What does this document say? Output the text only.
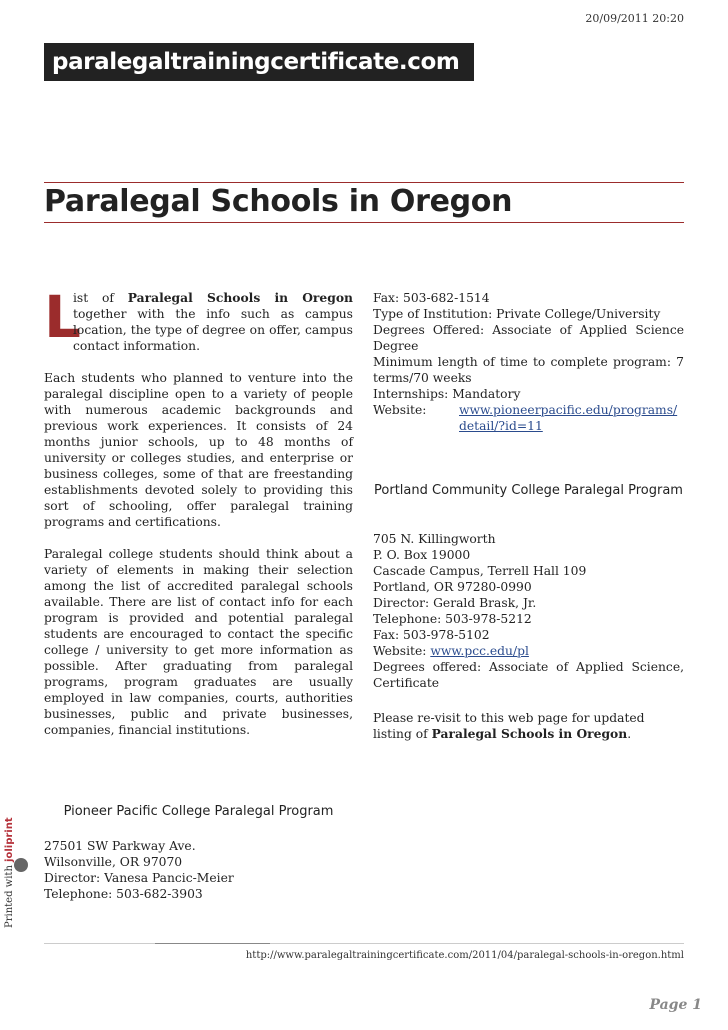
20/09/2011 20:20
paralegaltrainingcertificate.com
Paralegal Schools in Oregon
L
ist of Paralegal Schools in Oregon together with the info such as campus location, the type of degree on offer, campus contact information.

Each students who planned to venture into the paralegal discipline open to a variety of people with numerous academic backgrounds and previous work experiences. It consists of 24 months junior schools, up to 48 months of university or colleges studies, and enterprise or business colleges, some of that are freestanding establishments devoted solely to providing this sort of schooling, offer paralegal training programs and certifications.

Paralegal college students should think about a variety of elements in making their selection among the list of accredited paralegal schools available. There are list of contact info for each program is provided and potential paralegal students are encouraged to contact the specific college / university to get more information as possible. After graduating from paralegal programs, program graduates are usually employed in law companies, courts, authorities businesses, public and private businesses, companies, financial institutions.

Pioneer Pacific College Paralegal Program
27501 SW Parkway Ave.
Wilsonville, OR 97070
Director: Vanesa Pancic-Meier
Telephone: 503-682-3903
Fax: 503-682-1514
Type of Institution: Private College/University
Degrees Offered: Associate of Applied Science Degree
Minimum length of time to complete program: 7 terms/70 weeks
Internships: Mandatory
Website:	www.pioneerpacific.edu/programs/detail/?id=11
Portland Community College Paralegal Program
705 N. Killingworth
P. O. Box 19000
Cascade Campus, Terrell Hall 109
Portland, OR 97280-0990
Director: Gerald Brask, Jr.
Telephone: 503-978-5212
Fax: 503-978-5102
Website: www.pcc.edu/pl
Degrees offered: Associate of Applied Science, Certificate
Please re-visit to this web page for updated listing of Paralegal Schools in Oregon.
Printed with joliprint
http://www.paralegaltrainingcertificate.com/2011/04/paralegal-schools-in-oregon.html
Page 1
